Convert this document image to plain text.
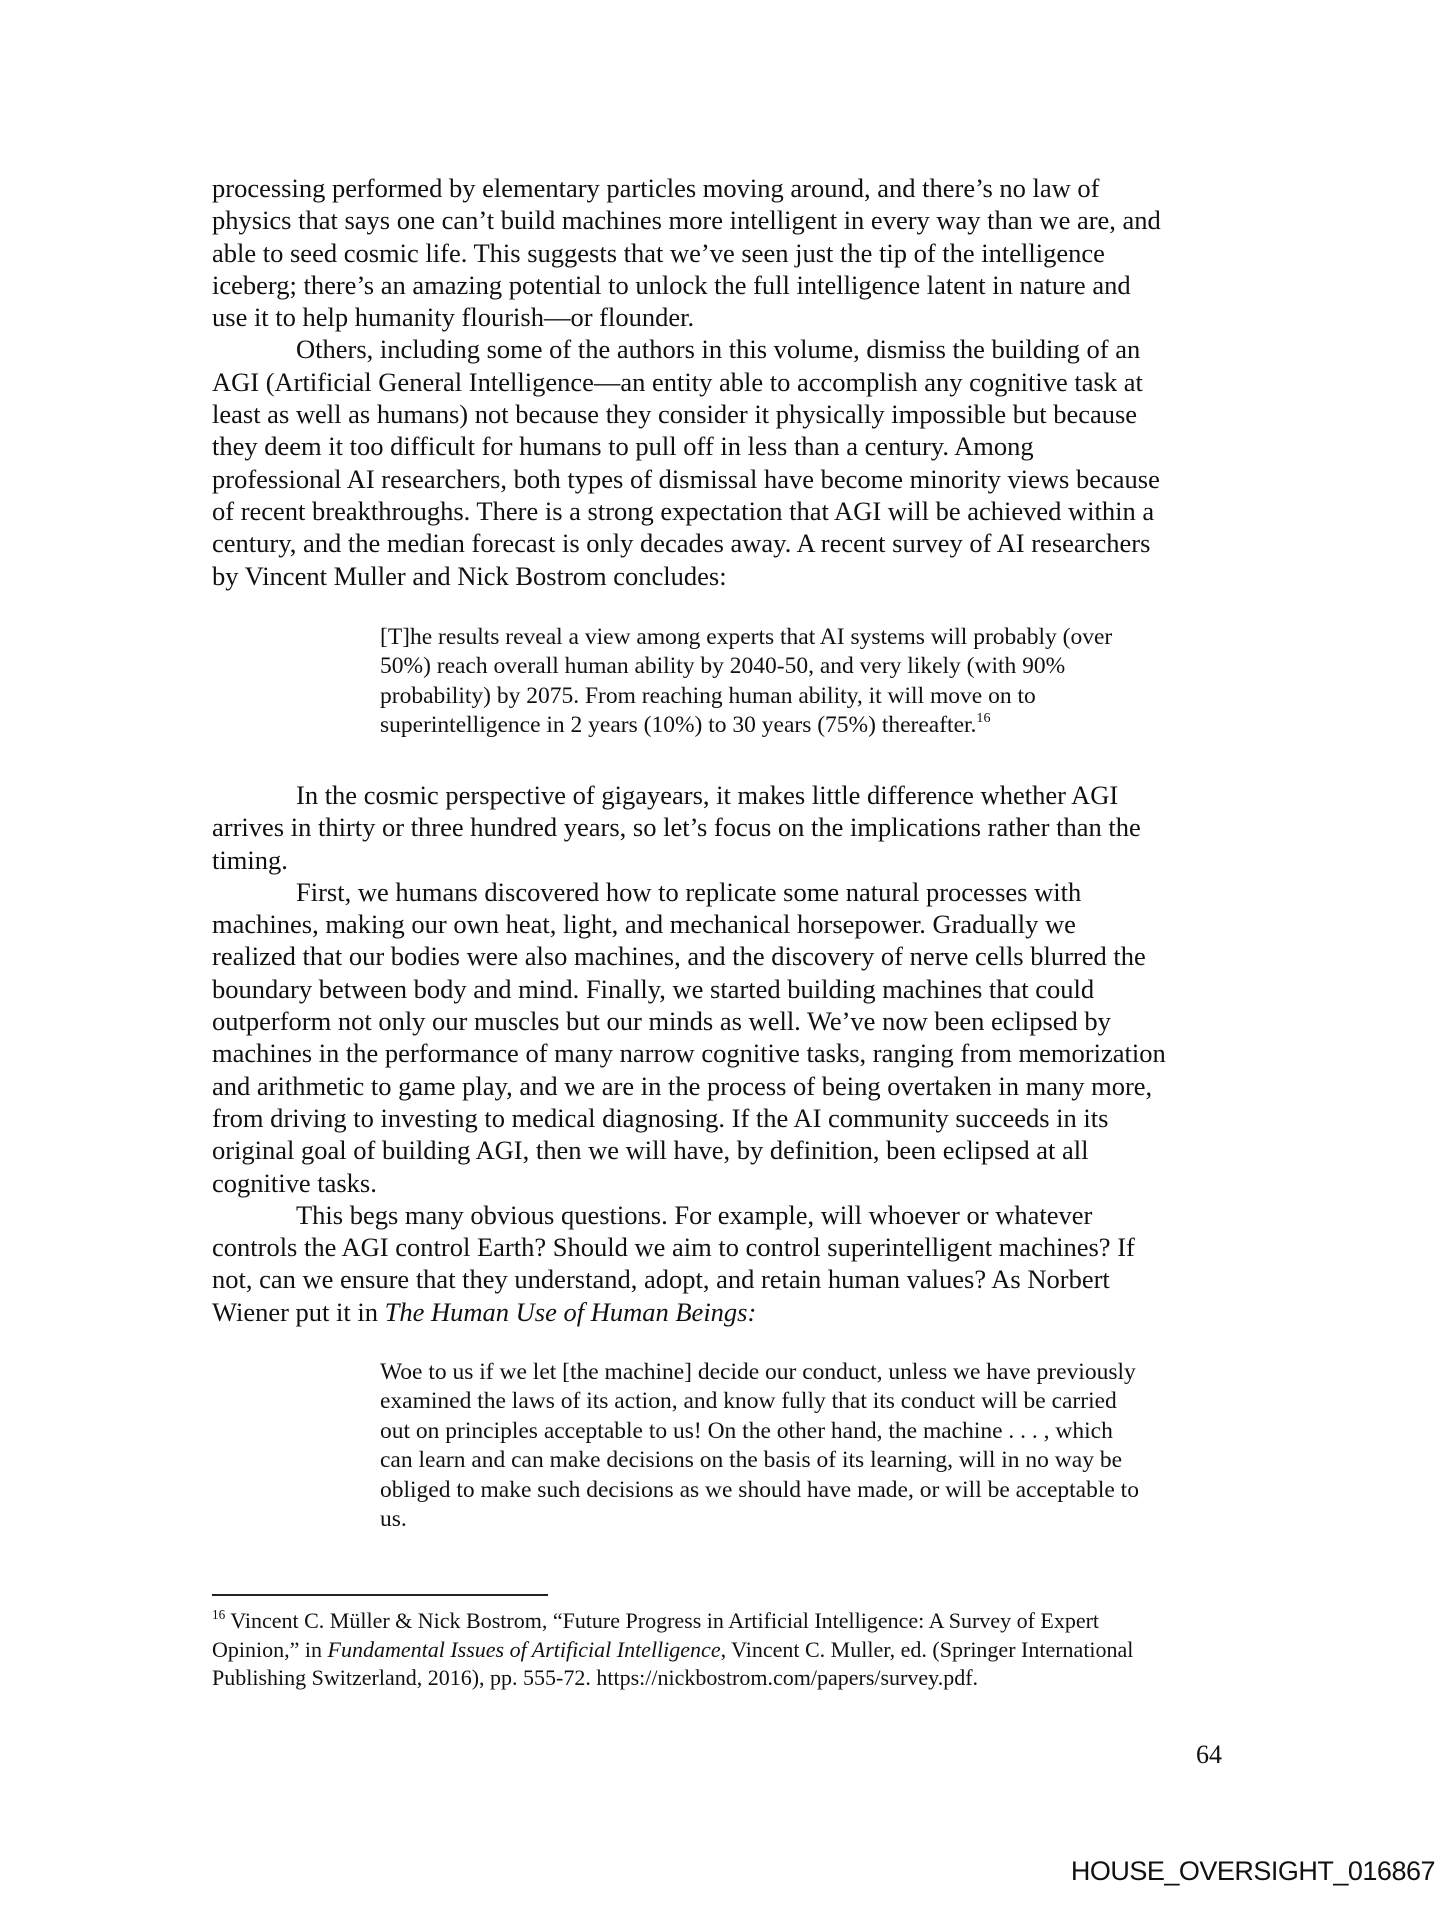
processing performed by elementary particles moving around, and there’s no law of
physics that says one can’t build machines more intelligent in every way than we are, and
able to seed cosmic life. This suggests that we’ve seen just the tip of the intelligence
iceberg; there’s an amazing potential to unlock the full intelligence latent in nature and
use it to help humanity flourish—or flounder.
Others, including some of the authors in this volume, dismiss the building of an
AGI (Artificial General Intelligence—an entity able to accomplish any cognitive task at
least as well as humans) not because they consider it physically impossible but because
they deem it too difficult for humans to pull off in less than a century. Among
professional AI researchers, both types of dismissal have become minority views because
of recent breakthroughs. There is a strong expectation that AGI will be achieved within a
century, and the median forecast is only decades away. A recent survey of AI researchers
by Vincent Muller and Nick Bostrom concludes:
[T]he results reveal a view among experts that AI systems will probably (over
50%) reach overall human ability by 2040-50, and very likely (with 90%
probability) by 2075. From reaching human ability, it will move on to
superintelligence in 2 years (10%) to 30 years (75%) thereafter.$^{16}$
In the cosmic perspective of gigayears, it makes little difference whether AGI
arrives in thirty or three hundred years, so let’s focus on the implications rather than the
timing.
First, we humans discovered how to replicate some natural processes with
machines, making our own heat, light, and mechanical horsepower. Gradually we
realized that our bodies were also machines, and the discovery of nerve cells blurred the
boundary between body and mind. Finally, we started building machines that could
outperform not only our muscles but our minds as well. We’ve now been eclipsed by
machines in the performance of many narrow cognitive tasks, ranging from memorization
and arithmetic to game play, and we are in the process of being overtaken in many more,
from driving to investing to medical diagnosing. If the AI community succeeds in its
original goal of building AGI, then we will have, by definition, been eclipsed at all
cognitive tasks.
This begs many obvious questions. For example, will whoever or whatever
controls the AGI control Earth? Should we aim to control superintelligent machines? If
not, can we ensure that they understand, adopt, and retain human values? As Norbert
Wiener put it in The Human Use of Human Beings:
Woe to us if we let [the machine] decide our conduct, unless we have previously
examined the laws of its action, and know fully that its conduct will be carried
out on principles acceptable to us! On the other hand, the machine . . . , which
can learn and can make decisions on the basis of its learning, will in no way be
obliged to make such decisions as we should have made, or will be acceptable to
us.
$^{16}$ Vincent C. Müller & Nick Bostrom, “Future Progress in Artificial Intelligence: A Survey of Expert
Opinion,” in Fundamental Issues of Artificial Intelligence, Vincent C. Muller, ed. (Springer International
Publishing Switzerland, 2016), pp. 555-72. https://nickbostrom.com/papers/survey.pdf.
64
HOUSE_OVERSIGHT_016867
